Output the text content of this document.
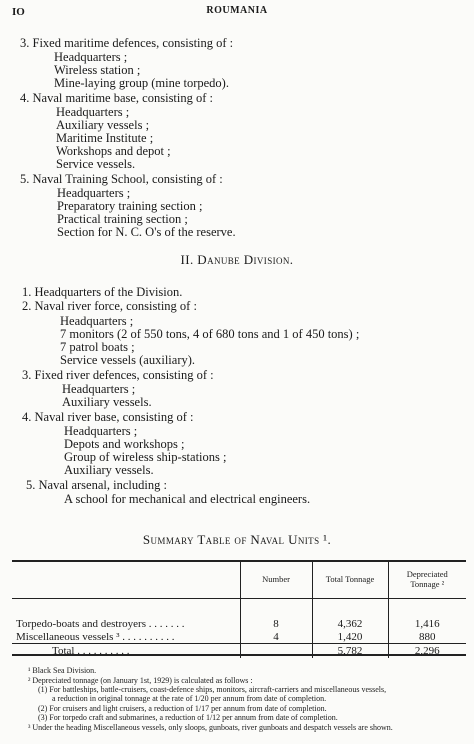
IO	ROUMANIA
3. Fixed maritime defences, consisting of :
Headquarters ;
Wireless station ;
Mine-laying group (mine torpedo).
4. Naval maritime base, consisting of :
Headquarters ;
Auxiliary vessels ;
Maritime Institute ;
Workshops and depot ;
Service vessels.
5. Naval Training School, consisting of :
Headquarters ;
Preparatory training section ;
Practical training section ;
Section for N. C. O's of the reserve.
II. Danube Division.
1. Headquarters of the Division.
2. Naval river force, consisting of :
Headquarters ;
7 monitors (2 of 550 tons, 4 of 680 tons and 1 of 450 tons) ;
7 patrol boats ;
Service vessels (auxiliary).
3. Fixed river defences, consisting of :
Headquarters ;
Auxiliary vessels.
4. Naval river base, consisting of :
Headquarters ;
Depots and workshops ;
Group of wireless ship-stations ;
Auxiliary vessels.
5. Naval arsenal, including :
A school for mechanical and electrical engineers.
Summary Table of Naval Units ¹.
	Number	Total Tonnage	Depreciated Tonnage ²

Torpedo-boats and destroyers . . . . . . .	8	4,362	1,416
Miscellaneous vessels ³ . . . . . . . . . .	4	1,420	880
Total . . . . . . . . . .		5,782	2,296
¹ Black Sea Division.
² Depreciated tonnage (on January 1st, 1929) is calculated as follows :
(1) For battleships, battle-cruisers, coast-defence ships, monitors, aircraft-carriers and miscellaneous vessels,
a reduction in original tonnage at the rate of 1/20 per annum from date of completion.
(2) For cruisers and light cruisers, a reduction of 1/17 per annum from date of completion.
(3) For torpedo craft and submarines, a reduction of 1/12 per annum from date of completion.
³ Under the heading Miscellaneous vessels, only sloops, gunboats, river gunboats and despatch vessels are shown.
